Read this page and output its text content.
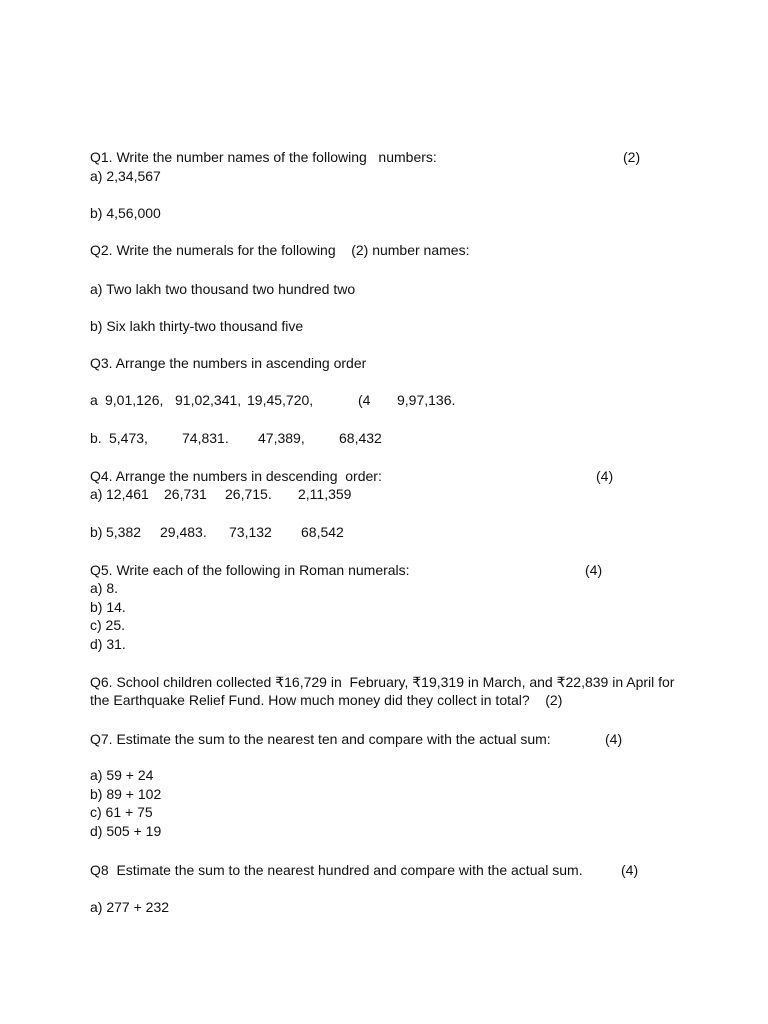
Q1. Write the number names of the following   numbers:	(2)
a) 2,34,567
b) 4,56,000
Q2. Write the numerals for the following    (2) number names:
a) Two lakh two thousand two hundred two
b) Six lakh thirty-two thousand five
Q3. Arrange the numbers in ascending order
a 9,01,126, 91,02,341, 19,45,720,	(4 9,97,136.
b. 5,473, 74,831. 47,389, 68,432
Q4. Arrange the numbers in descending  order:	(4)
a) 12,461 26,731 26,715. 2,11,359
b) 5,382 29,483. 73,132 68,542
Q5. Write each of the following in Roman numerals:	(4)
a) 8.
b) 14.
c) 25.
d) 31.
Q6. School children collected ₹16,729 in  February, ₹19,319 in March, and ₹22,839 in April for
the Earthquake Relief Fund. How much money did they collect in total?    (2)
Q7. Estimate the sum to the nearest ten and compare with the actual sum:	(4)
a) 59 + 24
b) 89 + 102
c) 61 + 75
d) 505 + 19
Q8  Estimate the sum to the nearest hundred and compare with the actual sum.	(4)
a) 277 + 232
